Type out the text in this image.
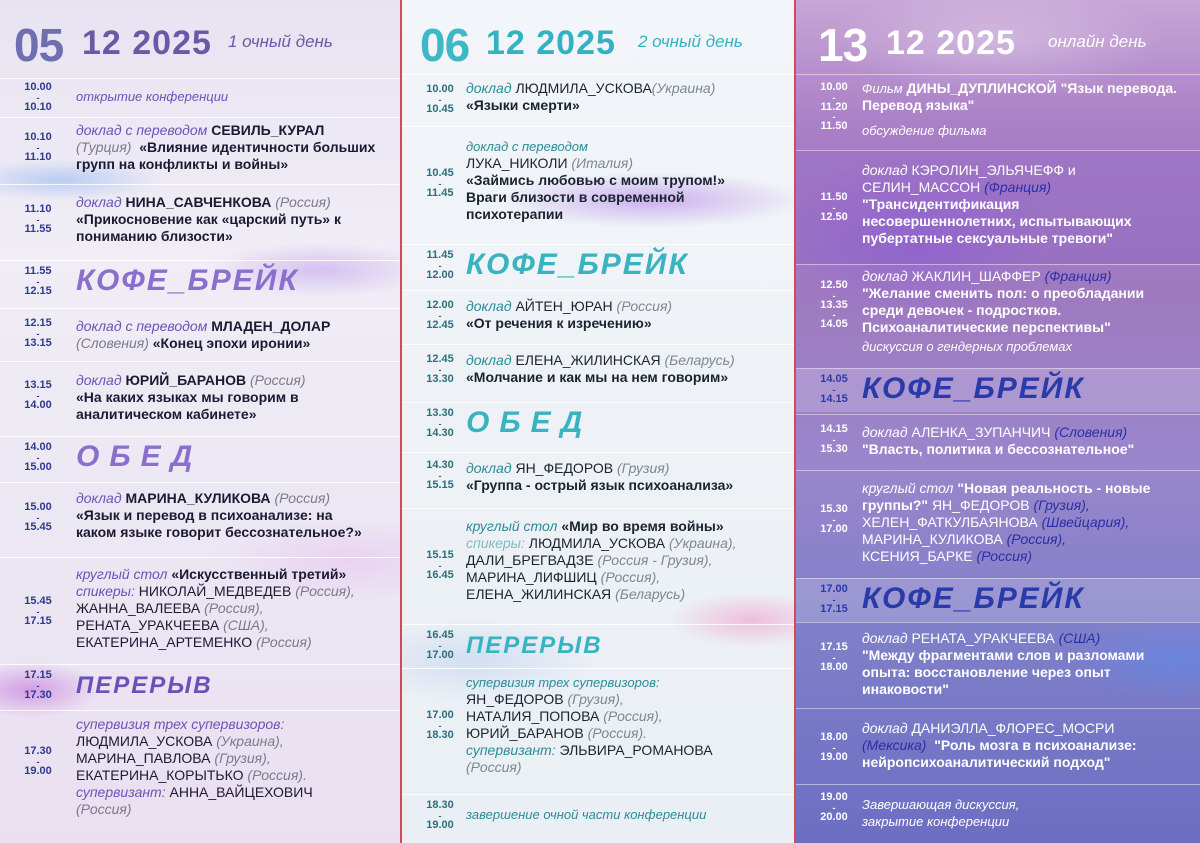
05 12 2025 1 очный день
10.00
-
10.10
открытие конференции
10.10
-
11.10
доклад с переводом СЕВИЛЬ_КУРАЛ
(Турция) «Влияние идентичности больших групп на конфликты и войны»
11.10
-
11.55
доклад НИНА_САВЧЕНКОВА (Россия)
«Прикосновение как «царский путь» к пониманию близости»
11.55
-
12.15 КОФЕ_БРЕЙК
12.15
-
13.15
доклад с переводом МЛАДЕН_ДОЛАР
(Словения) «Конец эпохи иронии»
13.15
-
14.00
доклад ЮРИЙ_БАРАНОВ (Россия)
«На каких языках мы говорим в аналитическом кабинете»
14.00
-
15.00 ОБЕД
15.00
-
15.45
доклад МАРИНА_КУЛИКОВА (Россия)
«Язык и перевод в психоанализе: на каком языке говорит бессознательное?»
15.45
-
17.15
круглый стол «Искусственный третий»
спикеры: НИКОЛАЙ_МЕДВЕДЕВ (Россия),
ЖАННА_ВАЛЕЕВА (Россия),
РЕНАТА_УРАКЧЕЕВА (США),
ЕКАТЕРИНА_АРТЕМЕНКО (Россия)
17.15
-
17.30	ПЕРЕРЫВ
17.30
-
19.00
супервизия трех супервизоров:
ЛЮДМИЛА_УСКОВА (Украина),
МАРИНА_ПАВЛОВА (Грузия),
ЕКАТЕРИНА_КОРЫТЬКО (Россия).
супервизант: АННА_ВАЙЦЕХОВИЧ
(Россия)
06 12 2025 2 очный день
10.00
-
10.45
доклад ЛЮДМИЛА_УСКОВА(Украина)
«Языки смерти»
10.45
-
11.45
доклад с переводом
ЛУКА_НИКОЛИ (Италия)
«Займись любовью с моим трупом!» Враги близости в современной психотерапии
11.45
-
12.00 КОФЕ_БРЕЙК
12.00
-
12.45
доклад АЙТЕН_ЮРАН (Россия)
«От речения к изречению»
12.45
-
13.30
доклад ЕЛЕНА_ЖИЛИНСКАЯ (Беларусь)
«Молчание и как мы на нем говорим»
13.30
-
14.30 ОБЕД
14.30
-
15.15
доклад ЯН_ФЕДОРОВ (Грузия)
«Группа - острый язык психоанализа»
15.15
-
16.45
круглый стол «Мир во время войны»
спикеры: ЛЮДМИЛА_УСКОВА (Украина),
ДАЛИ_БРЕГВАДЗЕ (Россия - Грузия),
МАРИНА_ЛИФШИЦ (Россия),
ЕЛЕНА_ЖИЛИНСКАЯ (Беларусь)
16.45
-
17.00 ПЕРЕРЫВ
17.00
-
18.30
супервизия трех супервизоров:
ЯН_ФЕДОРОВ (Грузия),
НАТАЛИЯ_ПОПОВА (Россия),
ЮРИЙ_БАРАНОВ (Россия).
супервизант: ЭЛЬВИРА_РОМАНОВА
(Россия)
18.30
-
19.00
завершение очной части конференции
13 12 2025 онлайн день
10.00
-
11.20
-
11.50
Фильм ДИНЫ_ДУПЛИНСКОЙ "Язык перевода. Перевод языка"
обсуждение фильма
11.50
-
12.50
доклад КЭРОЛИН_ЭЛЬЯЧЕФФ и
СЕЛИН_МАССОН (Франция)
"Трансидентификация несовершеннолетних, испытывающих пубертатные сексуальные тревоги"
12.50
-
13.35
-
14.05
доклад ЖАКЛИН_ШАФФЕР (Франция)
"Желание сменить пол: о преобладании среди девочек - подростков. Психоаналитические перспективы"
дискуссия о гендерных проблемах
14.05
-
14.15 КОФЕ_БРЕЙК
14.15
-
15.30
доклад АЛЕНКА_ЗУПАНЧИЧ (Словения)
"Власть, политика и бессознательное"
15.30
-
17.00
круглый стол "Новая реальность - новые группы?" ЯН_ФЕДОРОВ (Грузия),
ХЕЛЕН_ФАТКУЛБАЯНОВА (Швейцария),
МАРИНА_КУЛИКОВА (Россия),
КСЕНИЯ_БАРКЕ (Россия)
17.00
-
17.15 КОФЕ_БРЕЙК
17.15
-
18.00
доклад РЕНАТА_УРАКЧЕЕВА (США)
"Между фрагментами слов и разломами опыта: восстановление через опыт инаковости"
18.00
-
19.00
доклад ДАНИЭЛЛА_ФЛОРЕС_МОСРИ
(Мексика) "Роль мозга в психоанализе: нейропсихоаналитический подход"
19.00
-
20.00
Завершающая дискуссия,
закрытие конференции
